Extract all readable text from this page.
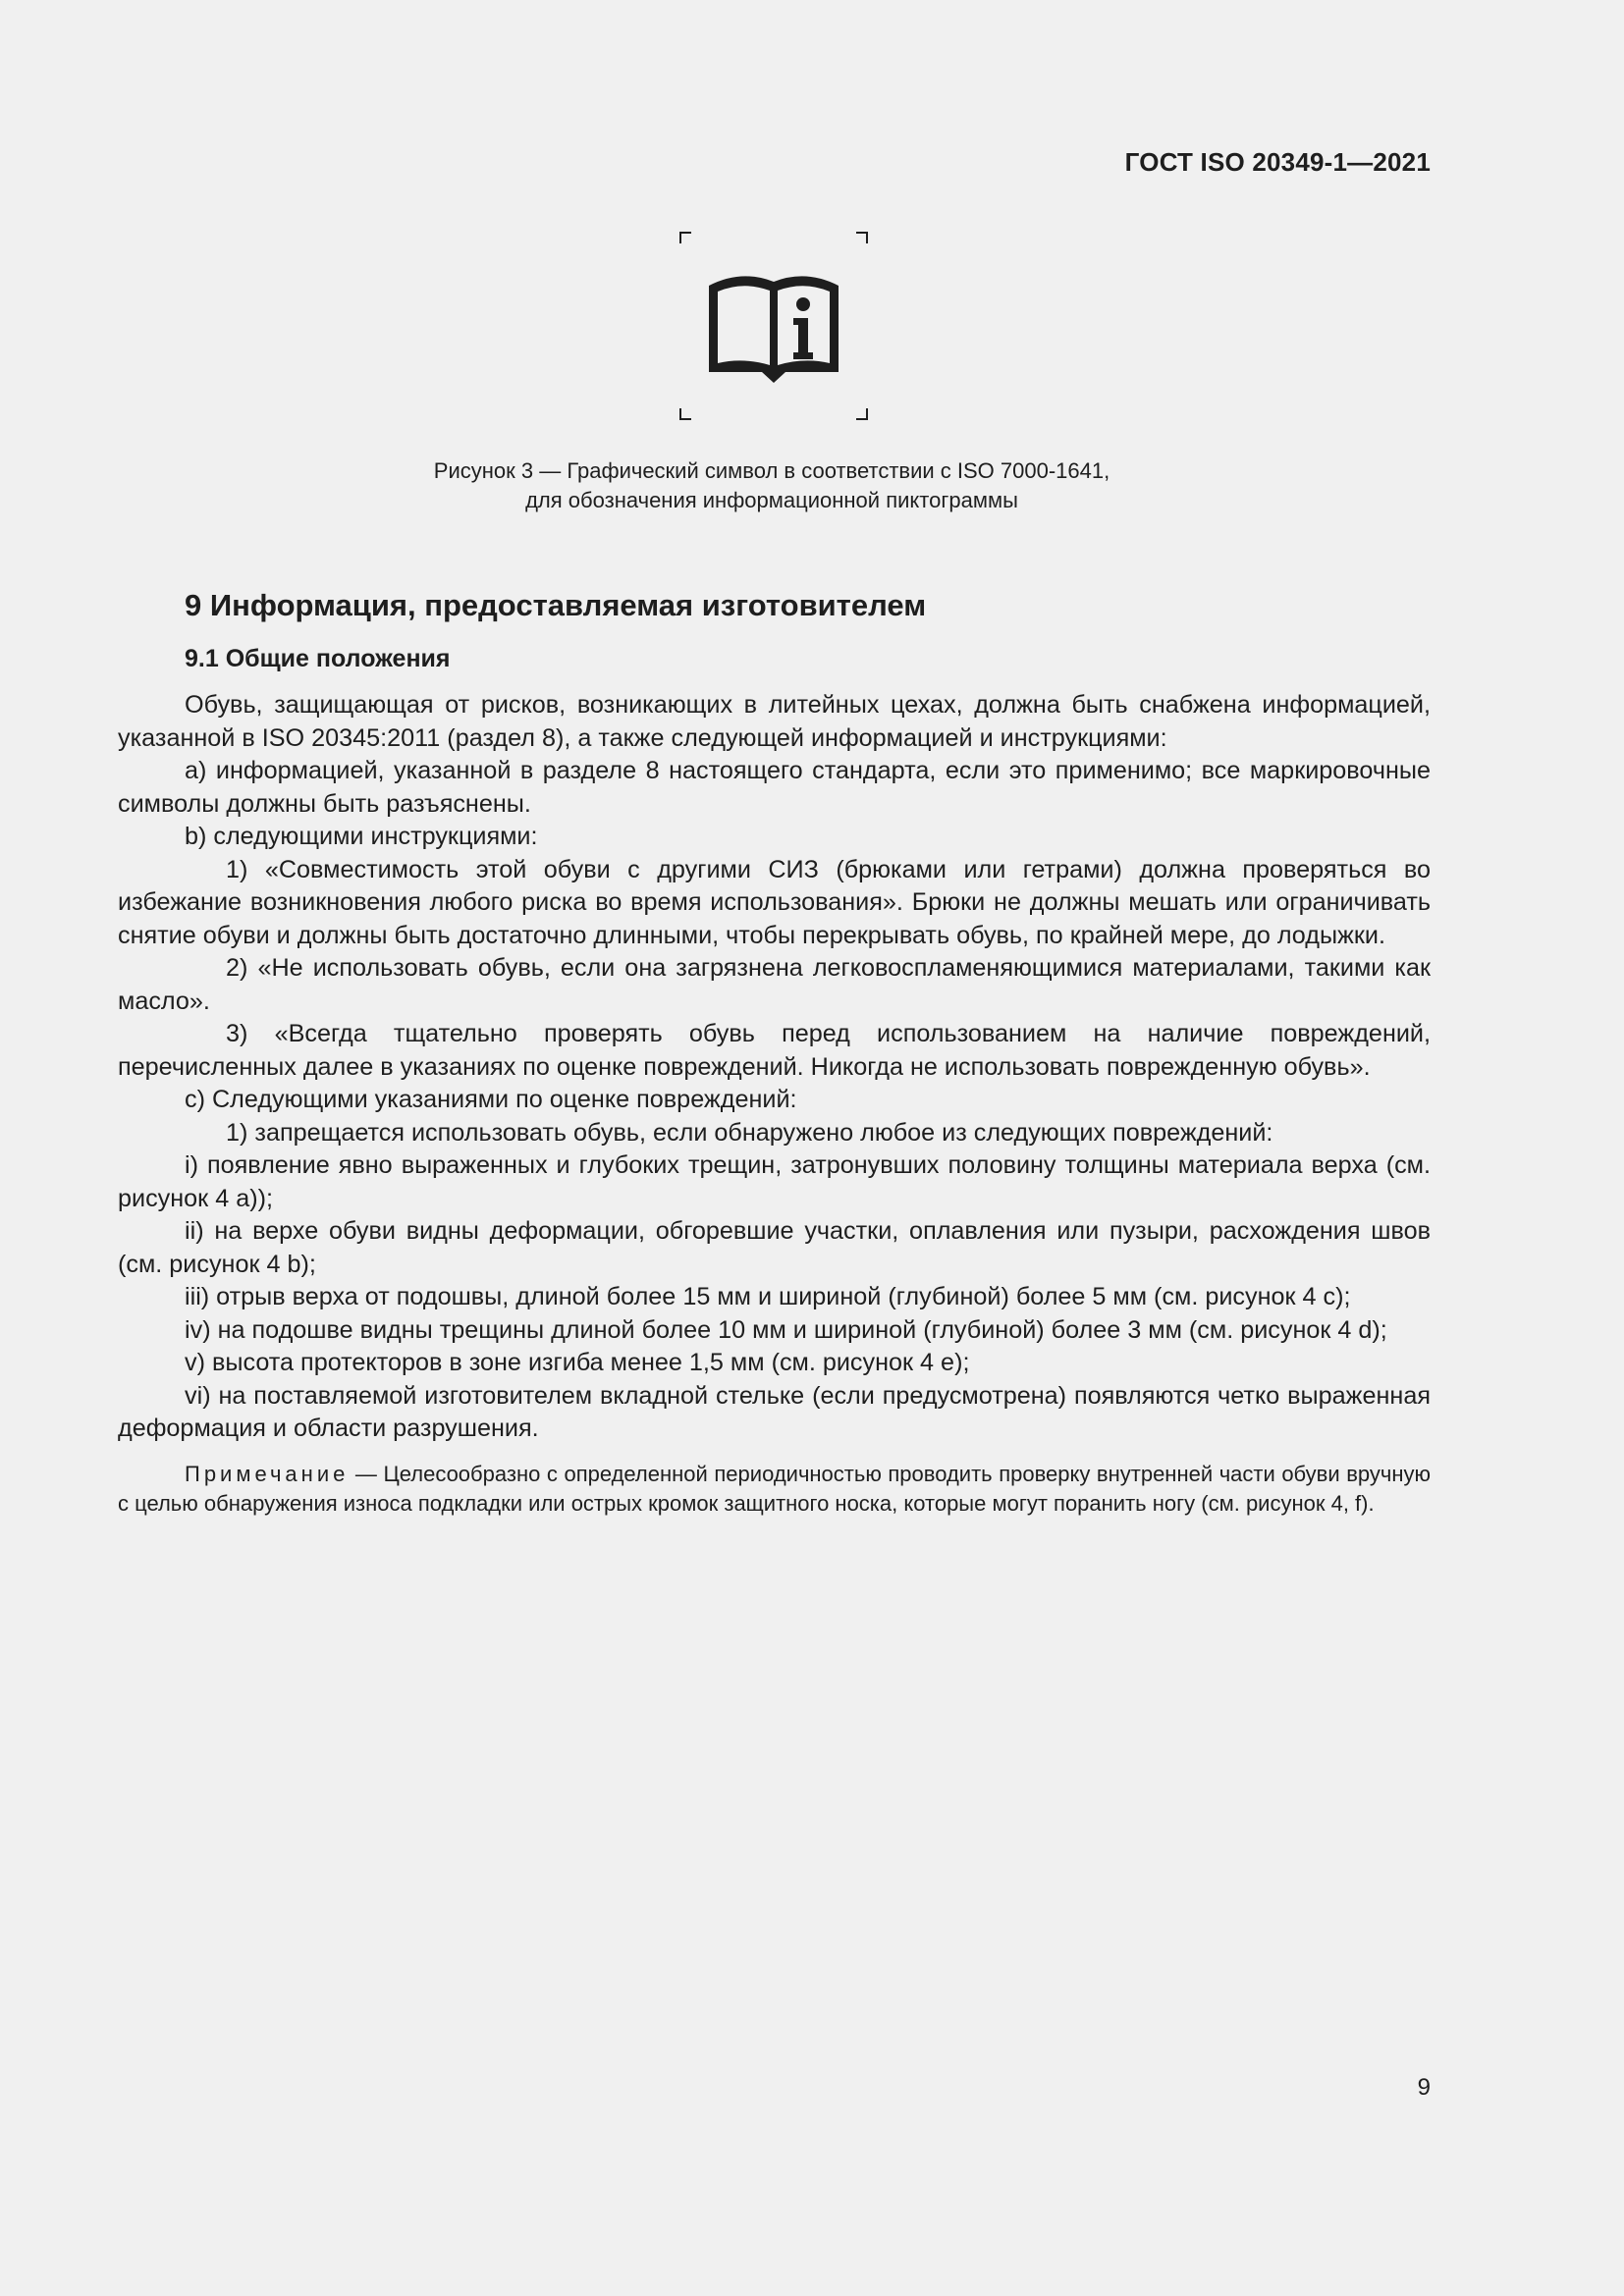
ГОСТ ISO 20349-1—2021
Рисунок 3 — Графический символ в соответствии с ISO 7000-1641,
для обозначения информационной пиктограммы
9 Информация, предоставляемая изготовителем
9.1 Общие положения
Обувь, защищающая от рисков, возникающих в литейных цехах, должна быть снабжена информацией, указанной в ISO 20345:2011 (раздел 8), а также следующей информацией и инструкциями:
a) информацией, указанной в разделе 8 настоящего стандарта, если это применимо; все маркировочные символы должны быть разъяснены.
b) следующими инструкциями:
1) «Совместимость этой обуви с другими СИЗ (брюками или гетрами) должна проверяться во избежание возникновения любого риска во время использования». Брюки не должны мешать или ограничивать снятие обуви и должны быть достаточно длинными, чтобы перекрывать обувь, по крайней мере, до лодыжки.
2) «Не использовать обувь, если она загрязнена легковоспламеняющимися материалами, такими как масло».
3) «Всегда тщательно проверять обувь перед использованием на наличие повреждений, перечисленных далее в указаниях по оценке повреждений. Никогда не использовать поврежденную обувь».
c) Следующими указаниями по оценке повреждений:
1) запрещается использовать обувь, если обнаружено любое из следующих повреждений:
i) появление явно выраженных и глубоких трещин, затронувших половину толщины материала верха (см. рисунок 4 a));
ii) на верхе обуви видны деформации, обгоревшие участки, оплавления или пузыри, расхождения швов (см. рисунок 4 b);
iii) отрыв верха от подошвы, длиной более 15 мм и шириной (глубиной) более 5 мм (см. рисунок 4 c);
iv) на подошве видны трещины длиной более 10 мм и шириной (глубиной) более 3 мм (см. рисунок 4 d);
v) высота протекторов в зоне изгиба менее 1,5 мм (см. рисунок 4 e);
vi) на поставляемой изготовителем вкладной стельке (если предусмотрена) появляются четко выраженная деформация и области разрушения.
Примечание — Целесообразно с определенной периодичностью проводить проверку внутренней части обуви вручную с целью обнаружения износа подкладки или острых кромок защитного носка, которые могут поранить ногу (см. рисунок 4, f).
9
